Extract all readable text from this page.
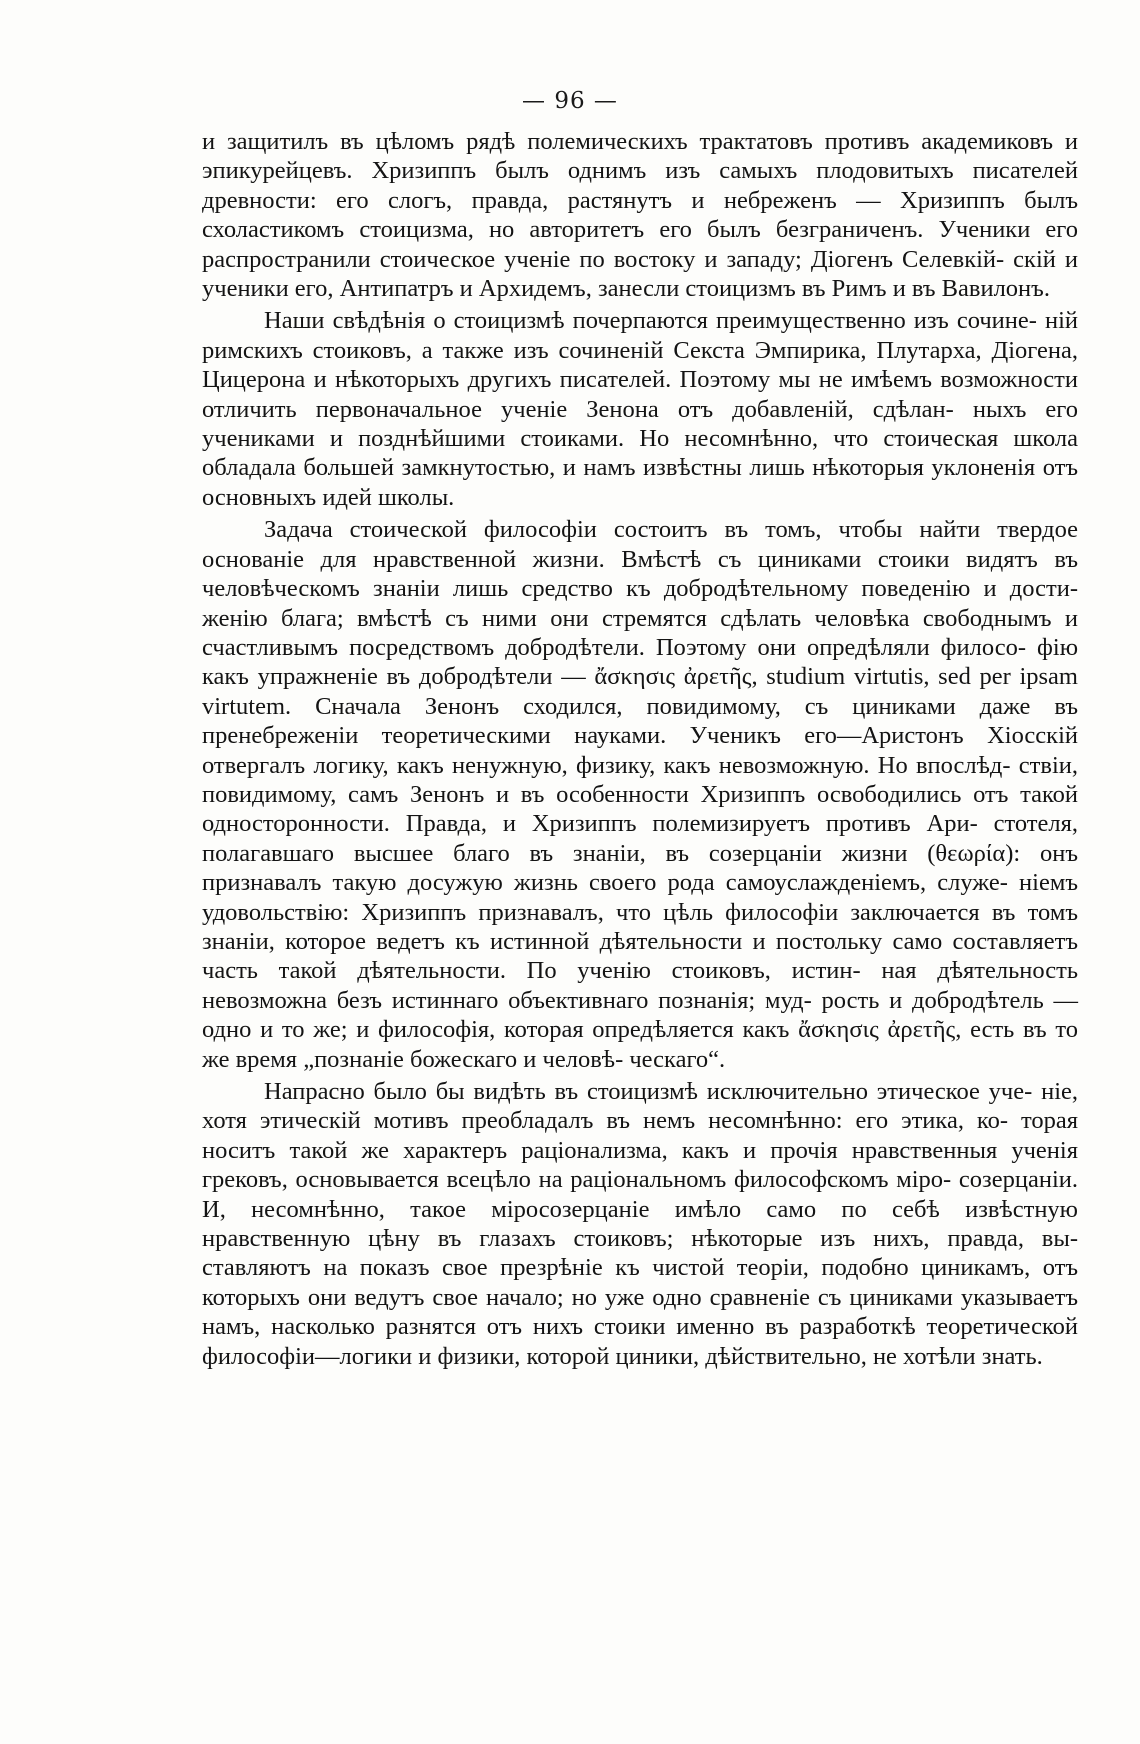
— 96 —

и защитилъ въ цѣломъ рядѣ полемическихъ трактатовъ противъ академиковъ и эпикурейцевъ. Хризиппъ былъ однимъ изъ самыхъ плодовитыхъ писателей древности: его слогъ, правда, растянутъ и небреженъ — Хризиппъ былъ схоластикомъ стоицизма, но авторитетъ его былъ безграниченъ. Ученики его распространили стоическое ученіе по востоку и западу; Діогенъ Селевкій- скій и ученики его, Антипатръ и Архидемъ, занесли стоицизмъ въ Римъ и въ Вавилонъ.

Наши свѣдѣнія о стоицизмѣ почерпаются преимущественно изъ сочине- ній римскихъ стоиковъ, а также изъ сочиненій Секста Эмпирика, Плутарха, Діогена, Цицерона и нѣкоторыхъ другихъ писателей. Поэтому мы не имѣемъ возможности отличить первоначальное ученіе Зенона отъ добавленій, сдѣлан- ныхъ его учениками и позднѣйшими стоиками. Но несомнѣнно, что стоическая школа обладала большей замкнутостью, и намъ извѣстны лишь нѣкоторыя уклоненія отъ основныхъ идей школы.

Задача стоической философіи состоитъ въ томъ, чтобы найти твердое основаніе для нравственной жизни. Вмѣстѣ съ циниками стоики видятъ въ человѣческомъ знаніи лишь средство къ добродѣтельному поведенію и дости- женію блага; вмѣстѣ съ ними они стремятся сдѣлать человѣка свободнымъ и счастливымъ посредствомъ добродѣтели. Поэтому они опредѣляли филосо- фію какъ упражненіе въ добродѣтели — ἄσκησις ἀρετῆς, studium virtutis, sed per ipsam virtutem. Сначала Зенонъ сходился, повидимому, съ циниками даже въ пренебреженіи теоретическими науками. Ученикъ его—Аристонъ Хіосскій отвергалъ логику, какъ ненужную, физику, какъ невозможную. Но впослѣд- ствіи, повидимому, самъ Зенонъ и въ особенности Хризиппъ освободились отъ такой односторонности. Правда, и Хризиппъ полемизируетъ противъ Ари- стотеля, полагавшаго высшее благо въ знаніи, въ созерцаніи жизни (θεωρία): онъ признавалъ такую досужую жизнь своего рода самоуслажденіемъ, служе- ніемъ удовольствію: Хризиппъ признавалъ, что цѣль философіи заключается въ томъ знаніи, которое ведетъ къ истинной дѣятельности и постольку само составляетъ часть такой дѣятельности. По ученію стоиковъ, истин- ная дѣятельность невозможна безъ истиннаго объективнаго познанія; муд- рость и добродѣтель — одно и то же; и философія, которая опредѣляется какъ ἄσκησις ἀρετῆς, есть въ то же время „познаніе божескаго и человѣ- ческаго“.

Напрасно было бы видѣть въ стоицизмѣ исключительно этическое уче- ніе, хотя этическій мотивъ преобладалъ въ немъ несомнѣнно: его этика, ко- торая носитъ такой же характеръ раціонализма, какъ и прочія нравственныя ученія грековъ, основывается всецѣло на раціональномъ философскомъ міро- созерцаніи. И, несомнѣнно, такое міросозерцаніе имѣло само по себѣ извѣстную нравственную цѣну въ глазахъ стоиковъ; нѣкоторые изъ нихъ, правда, вы- ставляютъ на показъ свое презрѣніе къ чистой теоріи, подобно циникамъ, отъ которыхъ они ведутъ свое начало; но уже одно сравненіе съ циниками указываетъ намъ, насколько разнятся отъ нихъ стоики именно въ разработкѣ теоретической философіи—логики и физики, которой циники, дѣйствительно, не хотѣли знать.
